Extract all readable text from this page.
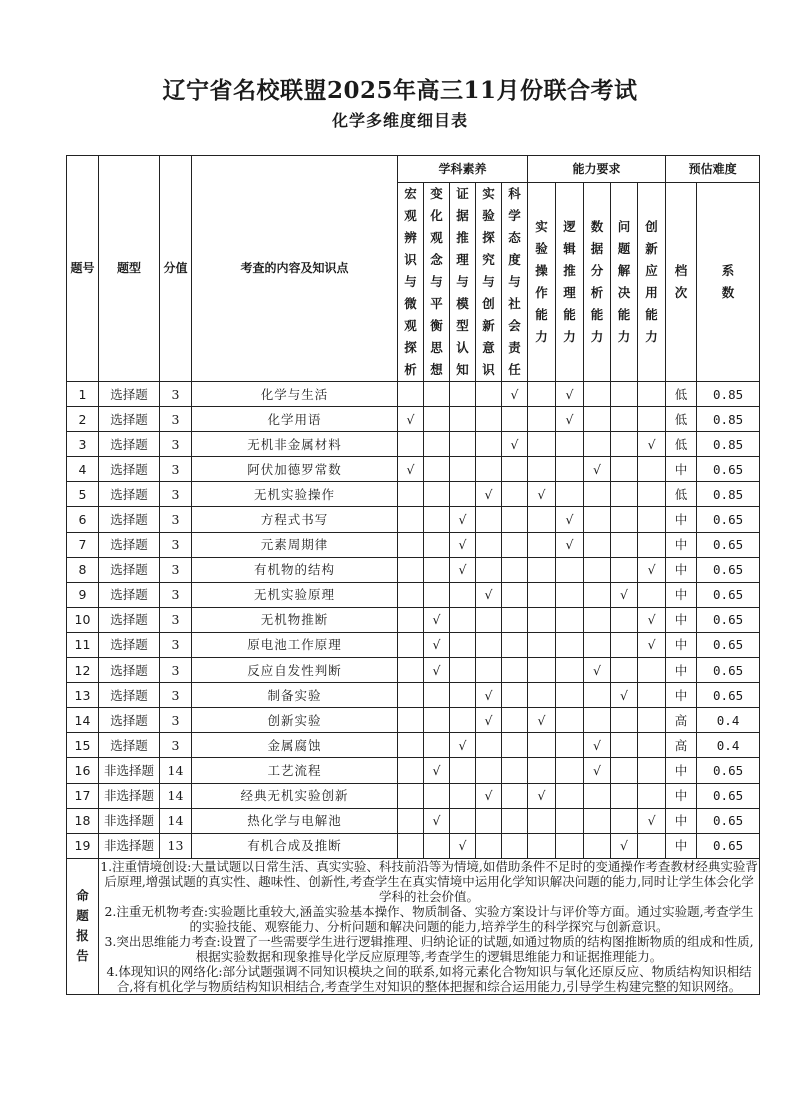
辽宁省名校联盟2025年高三11月份联合考试
化学多维度细目表
题号	题型	分值	考查的内容及知识点	学科素养					能力要求					预估难度	
				宏观辨识与微观探析	变化观念与平衡思想	证据推理与模型认知	实验探究与创新意识	科学态度与社会责任	实验操作能力	逻辑推理能力	数据分析能力	问题解决能力	创新应用能力	档次	系数
1	选择题	3	化学与生活					√		√				低	0.85
2	选择题	3	化学用语	√						√				低	0.85
3	选择题	3	无机非金属材料					√					√	低	0.85
4	选择题	3	阿伏加德罗常数	√							√			中	0.65
5	选择题	3	无机实验操作				√		√					低	0.85
6	选择题	3	方程式书写			√				√				中	0.65
7	选择题	3	元素周期律			√				√				中	0.65
8	选择题	3	有机物的结构			√							√	中	0.65
9	选择题	3	无机实验原理				√					√		中	0.65
10	选择题	3	无机物推断		√								√	中	0.65
11	选择题	3	原电池工作原理		√								√	中	0.65
12	选择题	3	反应自发性判断		√						√			中	0.65
13	选择题	3	制备实验				√					√		中	0.65
14	选择题	3	创新实验				√		√					高	0.4
15	选择题	3	金属腐蚀			√					√			高	0.4
16	非选择题	14	工艺流程		√						√			中	0.65
17	非选择题	14	经典无机实验创新				√		√					中	0.65
18	非选择题	14	热化学与电解池		√								√	中	0.65
19	非选择题	13	有机合成及推断			√						√		中	0.65
命题报告	1.注重情境创设:大量试题以日常生活、真实实验、科技前沿等为情境,如借助条件不足时的变通操作考查教材经典实验背后原理,增强试题的真实性、趣味性、创新性,考查学生在真实情境中运用化学知识解决问题的能力,同时让学生体会化学学科的社会价值。

2.注重无机物考查:实验题比重较大,涵盖实验基本操作、物质制备、实验方案设计与评价等方面。通过实验题,考查学生的实验技能、观察能力、分析问题和解决问题的能力,培养学生的科学探究与创新意识。

3.突出思维能力考查:设置了一些需要学生进行逻辑推理、归纳论证的试题,如通过物质的结构图推断物质的组成和性质,根据实验数据和现象推导化学反应原理等,考查学生的逻辑思维能力和证据推理能力。

4.体现知识的网络化:部分试题强调不同知识模块之间的联系,如将元素化合物知识与氧化还原反应、物质结构知识相结合,将有机化学与物质结构知识相结合,考查学生对知识的整体把握和综合运用能力,引导学生构建完整的知识网络。														
